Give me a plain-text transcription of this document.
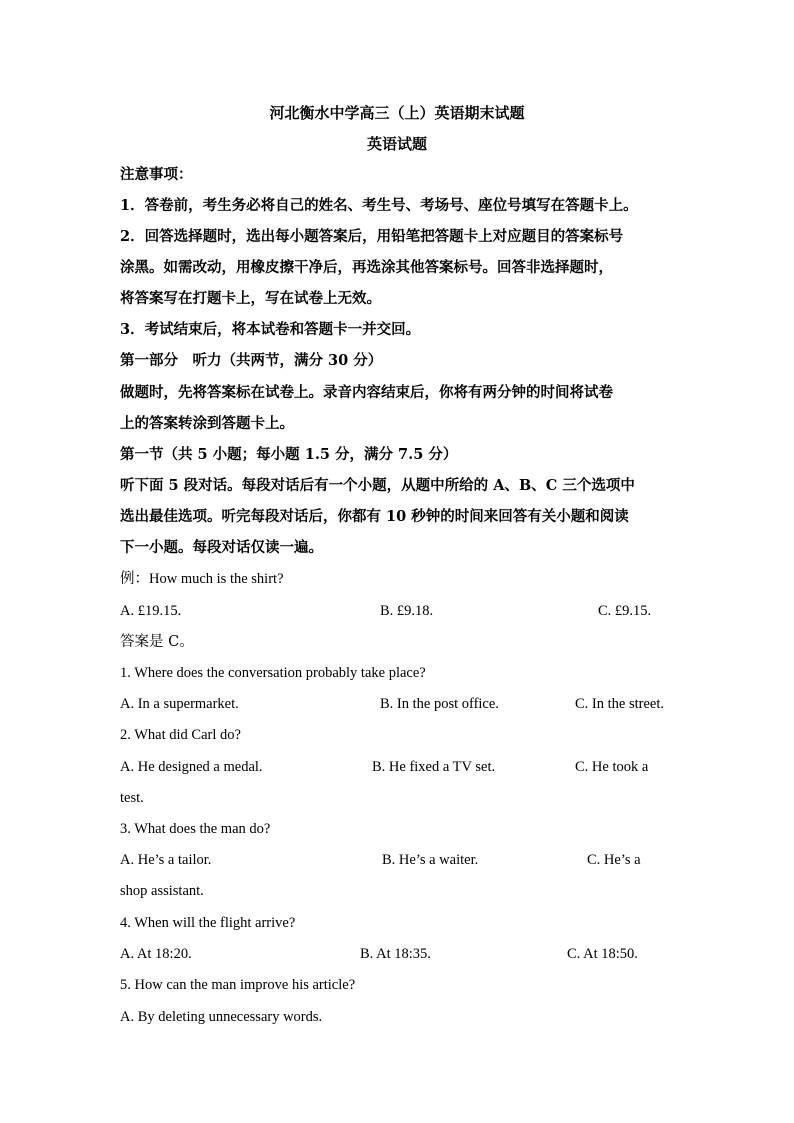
河北衡水中学高三（上）英语期末试题
英语试题
注意事项：
1．答卷前，考生务必将自己的姓名、考生号、考场号、座位号填写在答题卡上。
2．回答选择题时，选出每小题答案后，用铅笔把答题卡上对应题目的答案标号
涂黑。如需改动，用橡皮擦干净后，再选涂其他答案标号。回答非选择题时，
将答案写在打题卡上，写在试卷上无效。
3．考试结束后，将本试卷和答题卡一并交回。
第一部分　听力（共两节，满分 30 分）
做题时，先将答案标在试卷上。录音内容结束后，你将有两分钟的时间将试卷
上的答案转涂到答题卡上。
第一节（共 5 小题；每小题 1.5 分，满分 7.5 分）
听下面 5 段对话。每段对话后有一个小题，从题中所给的 A、B、C 三个选项中
选出最佳选项。听完每段对话后，你都有 10 秒钟的时间来回答有关小题和阅读
下一小题。每段对话仅读一遍。
例：How much is the shirt?
A. £19.15.	B. £9.18.	C. £9.15.
答案是 C。
1. Where does the conversation probably take place?
A. In a supermarket.	B. In the post office.	C. In the street.
2. What did Carl do?
A. He designed a medal.	B. He fixed a TV set.	C. He took a
test.
3. What does the man do?
A. He’s a tailor.	B. He’s a waiter.	C. He’s a
shop assistant.
4. When will the flight arrive?
A. At 18:20.	B. At 18:35.	C. At 18:50.
5. How can the man improve his article?
A. By deleting unnecessary words.
